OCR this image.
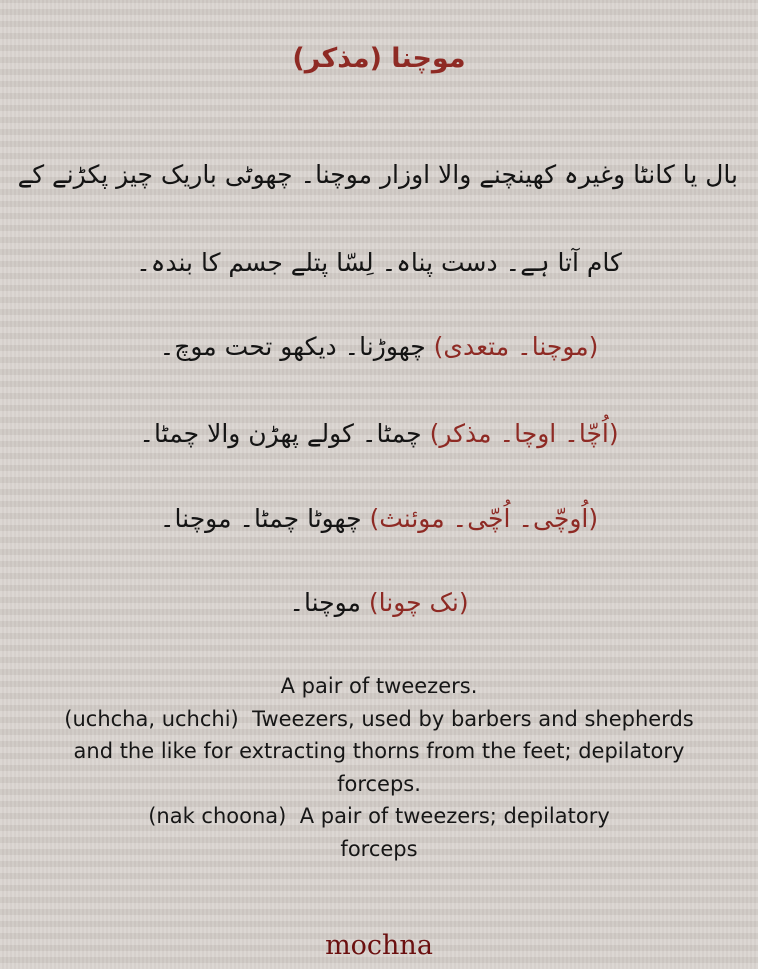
موچنا (مذکر)
بال یا کانٹا وغیرہ کھینچنے والا اوزار موچنا۔ چھوٹی باریک چیز پکڑنے کے
کام آتا ہے۔ دست پناہ۔ لِسّا پتلے جسم کا بندہ۔
(موچنا۔ متعدی) چھوڑنا۔ دیکھو تحت موچ۔
(اُچّا۔ اوچا۔ مذکر) چمٹا۔ کولے پھڑن والا چمٹا۔
(اُوچّی۔ اُچّی۔ موئنث) چھوٹا چمٹا۔ موچنا۔
(نک چونا) موچنا۔
A pair of tweezers.
(uchcha, uchchi)  Tweezers, used by barbers and shepherds
and the like for extracting thorns from the feet; depilatory
forceps.
(nak choona)  A pair of tweezers; depilatory
forceps
mochna
